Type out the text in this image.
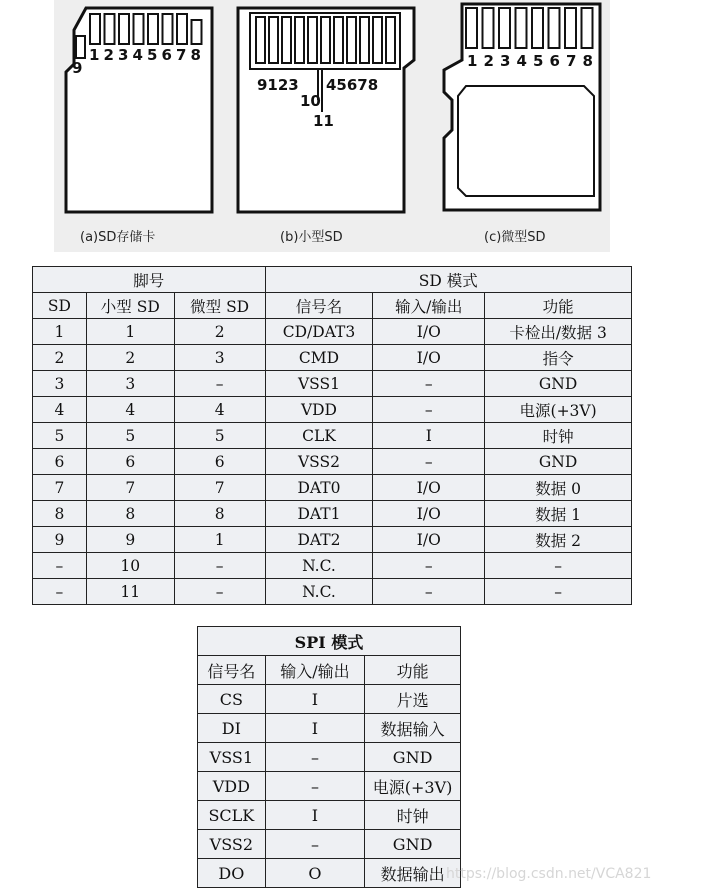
9
9123 45678
10
11
1 2 3 4 5 6 7 8	1 2 3 4 5 6 7 8
(a)SD存储卡	(b)小型SD	(c)微型SD
脚号			SD 模式		
SD	小型 SD	微型 SD	信号名	输入/输出	功能
1	1	2	CD/DAT3	I/O	卡检出/数据 3
2	2	3	CMD	I/O	指令
3	3	–	VSS1	–	GND
4	4	4	VDD	–	电源(+3V)
5	5	5	CLK	I	时钟
6	6	6	VSS2	–	GND
7	7	7	DAT0	I/O	数据 0
8	8	8	DAT1	I/O	数据 1
9	9	1	DAT2	I/O	数据 2
–	10	–	N.C.	–	–
–	11	–	N.C.	–	–
SPI 模式		
信号名	输入/输出	功能
CS	I	片选
DI	I	数据输入
VSS1	–	GND
VDD	–	电源(+3V)
SCLK	I	时钟
VSS2	–	GND
DO	O	数据输出 https://blog.csdn.net/VCA821
